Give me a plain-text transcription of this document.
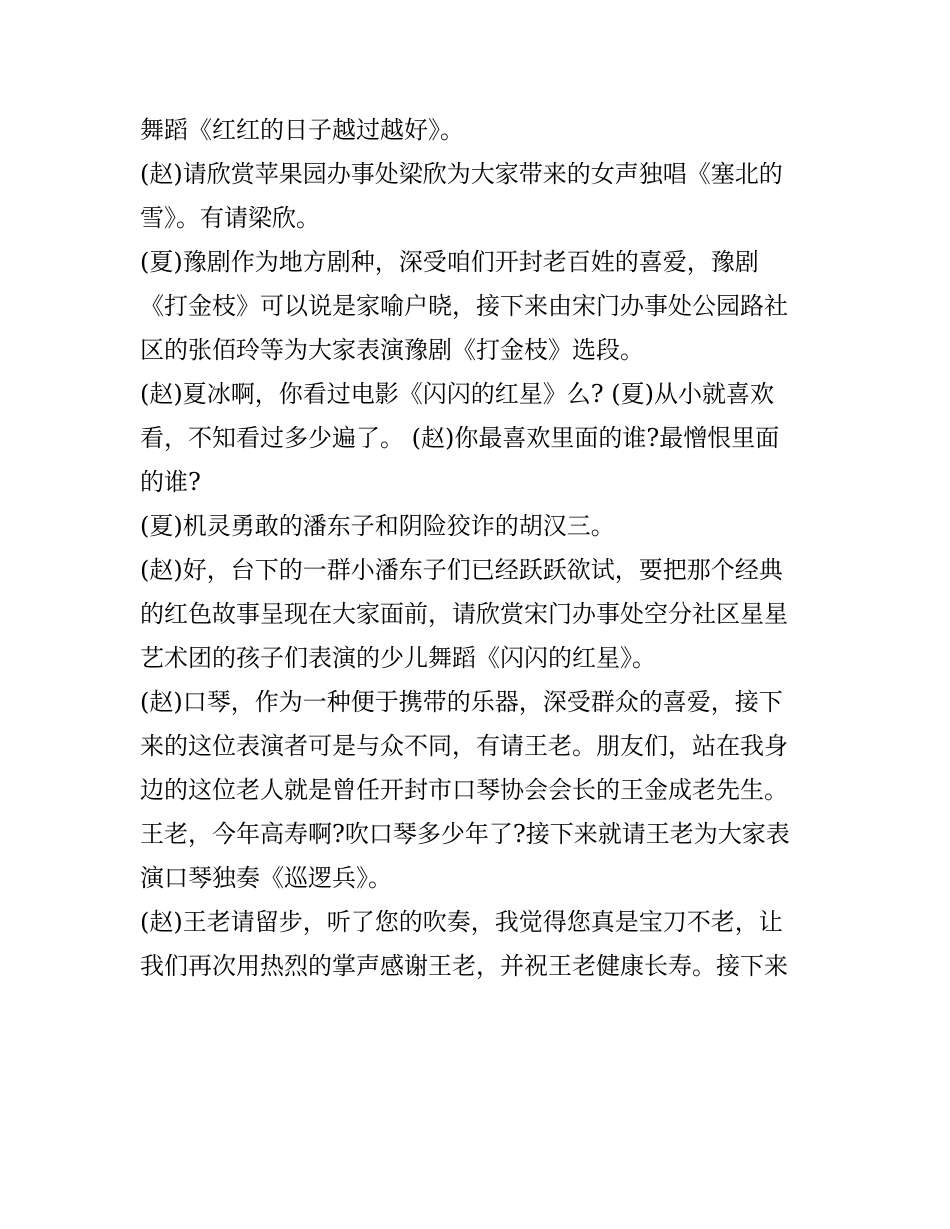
舞蹈《红红的日子越过越好》。
(赵)请欣赏苹果园办事处梁欣为大家带来的女声独唱《塞北的
雪》。有请梁欣。
(夏)豫剧作为地方剧种，深受咱们开封老百姓的喜爱，豫剧
《打金枝》可以说是家喻户晓，接下来由宋门办事处公园路社
区的张佰玲等为大家表演豫剧《打金枝》选段。
(赵)夏冰啊，你看过电影《闪闪的红星》么? (夏)从小就喜欢
看，不知看过多少遍了。 (赵)你最喜欢里面的谁?最憎恨里面
的谁?
(夏)机灵勇敢的潘东子和阴险狡诈的胡汉三。
(赵)好，台下的一群小潘东子们已经跃跃欲试，要把那个经典
的红色故事呈现在大家面前，请欣赏宋门办事处空分社区星星
艺术团的孩子们表演的少儿舞蹈《闪闪的红星》。
(赵)口琴，作为一种便于携带的乐器，深受群众的喜爱，接下
来的这位表演者可是与众不同，有请王老。朋友们，站在我身
边的这位老人就是曾任开封市口琴协会会长的王金成老先生。
王老，今年高寿啊?吹口琴多少年了?接下来就请王老为大家表
演口琴独奏《巡逻兵》。
(赵)王老请留步，听了您的吹奏，我觉得您真是宝刀不老，让
我们再次用热烈的掌声感谢王老，并祝王老健康长寿。接下来
